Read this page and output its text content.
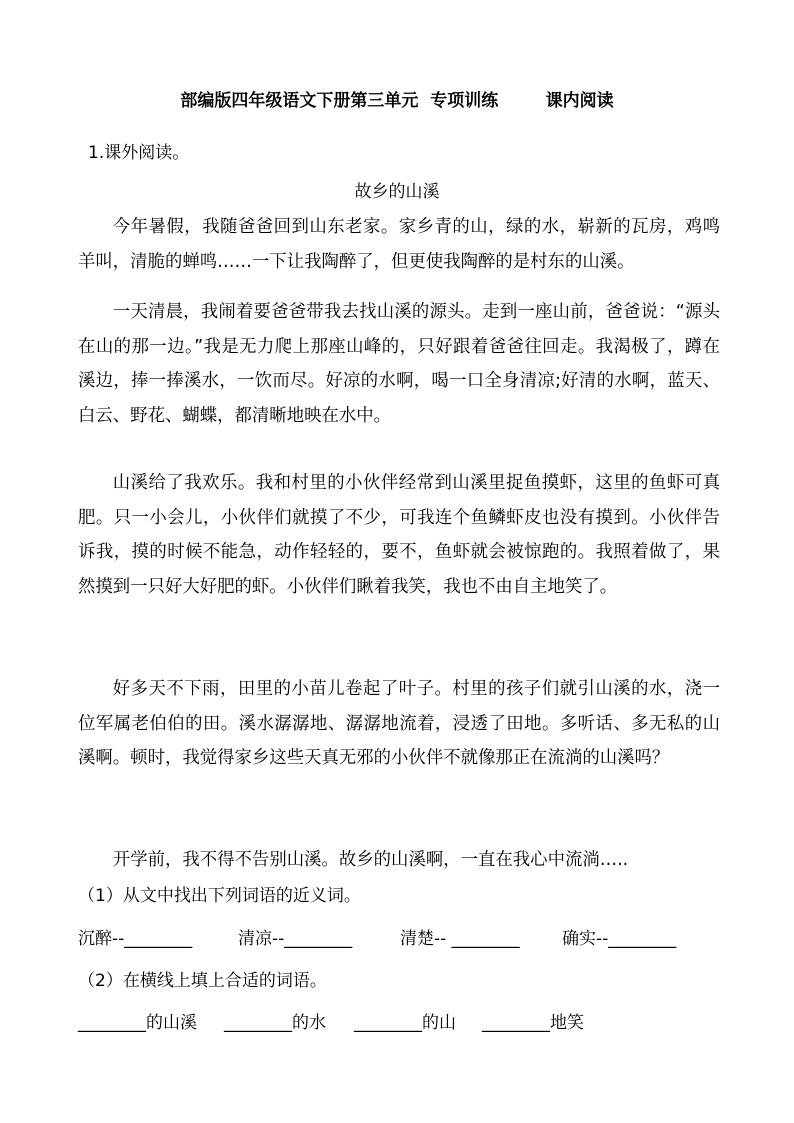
部编版四年级语文下册第三单元  专项训练        课内阅读
1.课外阅读。
故乡的山溪

今年暑假，我随爸爸回到山东老家。家乡青的山，绿的水，崭新的瓦房，鸡鸣羊叫，清脆的蝉鸣……一下让我陶醉了，但更使我陶醉的是村东的山溪。

一天清晨，我闹着要爸爸带我去找山溪的源头。走到一座山前，爸爸说：“源头在山的那一边。”我是无力爬上那座山峰的，只好跟着爸爸往回走。我渴极了，蹲在溪边，捧一捧溪水，一饮而尽。好凉的水啊，喝一口全身清凉;好清的水啊，蓝天、白云、野花、蝴蝶，都清晰地映在水中。

山溪给了我欢乐。我和村里的小伙伴经常到山溪里捉鱼摸虾，这里的鱼虾可真肥。只一小会儿，小伙伴们就摸了不少，可我连个鱼鳞虾皮也没有摸到。小伙伴告诉我，摸的时候不能急，动作轻轻的，要不，鱼虾就会被惊跑的。我照着做了，果然摸到一只好大好肥的虾。小伙伴们瞅着我笑，我也不由自主地笑了。

好多天不下雨，田里的小苗儿卷起了叶子。村里的孩子们就引山溪的水，浇一位军属老伯伯的田。溪水潺潺地、潺潺地流着，浸透了田地。多听话、多无私的山溪啊。顿时，我觉得家乡这些天真无邪的小伙伴不就像那正在流淌的山溪吗？

开学前，我不得不告别山溪。故乡的山溪啊，一直在我心中流淌…..

（1）从文中找出下列词语的近义词。
沉醉--________	清凉--________	清楚-- ________	确实--________
（2）在横线上填上合适的词语。
________的山溪	________的水	________的山	________地笑
